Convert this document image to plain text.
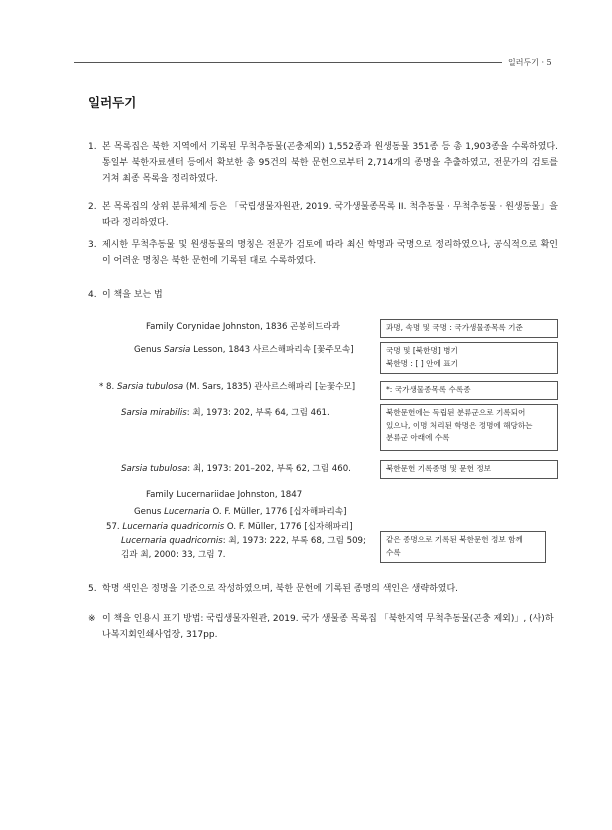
일러두기 · 5
일러두기
1. 본 목록집은 북한 지역에서 기록된 무척추동물(곤충제외) 1,552종과 원생동물 351종 등 총 1,903종을 수록하였다. 통일부 북한자료센터 등에서 확보한 총 95건의 북한 문헌으로부터 2,714개의 종명을 추출하였고, 전문가의 검토를 거쳐 최종 목록을 정리하였다.
2. 본 목록집의 상위 분류체계 등은 「국립생물자원관, 2019. 국가생물종목록 II. 척추동물 · 무척추동물 · 원생동물」을 따라 정리하였다.
3. 제시한 무척추동물 및 원생동물의 명칭은 전문가 검토에 따라 최신 학명과 국명으로 정리하였으나, 공식적으로 확인이 어려운 명칭은 북한 문헌에 기록된 대로 수록하였다.
4. 이 책을 보는 법
Family Corynidae Johnston, 1836 곤봉히드라과
Genus Sarsia Lesson, 1843 사르스해파리속 [꽃주모속]
* 8. Sarsia tubulosa (M. Sars, 1835) 관사르스해파리 [눈꽃수모]
Sarsia mirabilis: 최, 1973: 202, 부록 64, 그림 461.
Sarsia tubulosa: 최, 1973: 201–202, 부록 62, 그림 460.
Family Lucernariidae Johnston, 1847
Genus Lucernaria O. F. Müller, 1776 [십자해파리속]
57. Lucernaria quadricornis O. F. Müller, 1776 [십자해파리]
Lucernaria quadricornis: 최, 1973: 222, 부록 68, 그림 509;
김과 최, 2000: 33, 그림 7.
과명, 속명 및 국명 : 국가생물종목록 기준
국명 및 [북한명] 병기
북한명 : [ ] 안에 표기
*: 국가생물종목록 수록종
북한문헌에는 독립된 분류군으로 기록되어
있으나, 이명 처리된 학명은 정명에 해당하는
분류군 아래에 수록
북한문헌 기록종명 및 문헌 정보
같은 종명으로 기록된 북한문헌 정보 함께
수록
5. 학명 색인은 정명을 기준으로 작성하였으며, 북한 문헌에 기록된 종명의 색인은 생략하였다.
※ 이 책을 인용시 표기 방법: 국립생물자원관, 2019. 국가 생물종 목록집 「북한지역 무척추동물(곤충 제외)」, (사)하나복지회인쇄사업장, 317pp.
